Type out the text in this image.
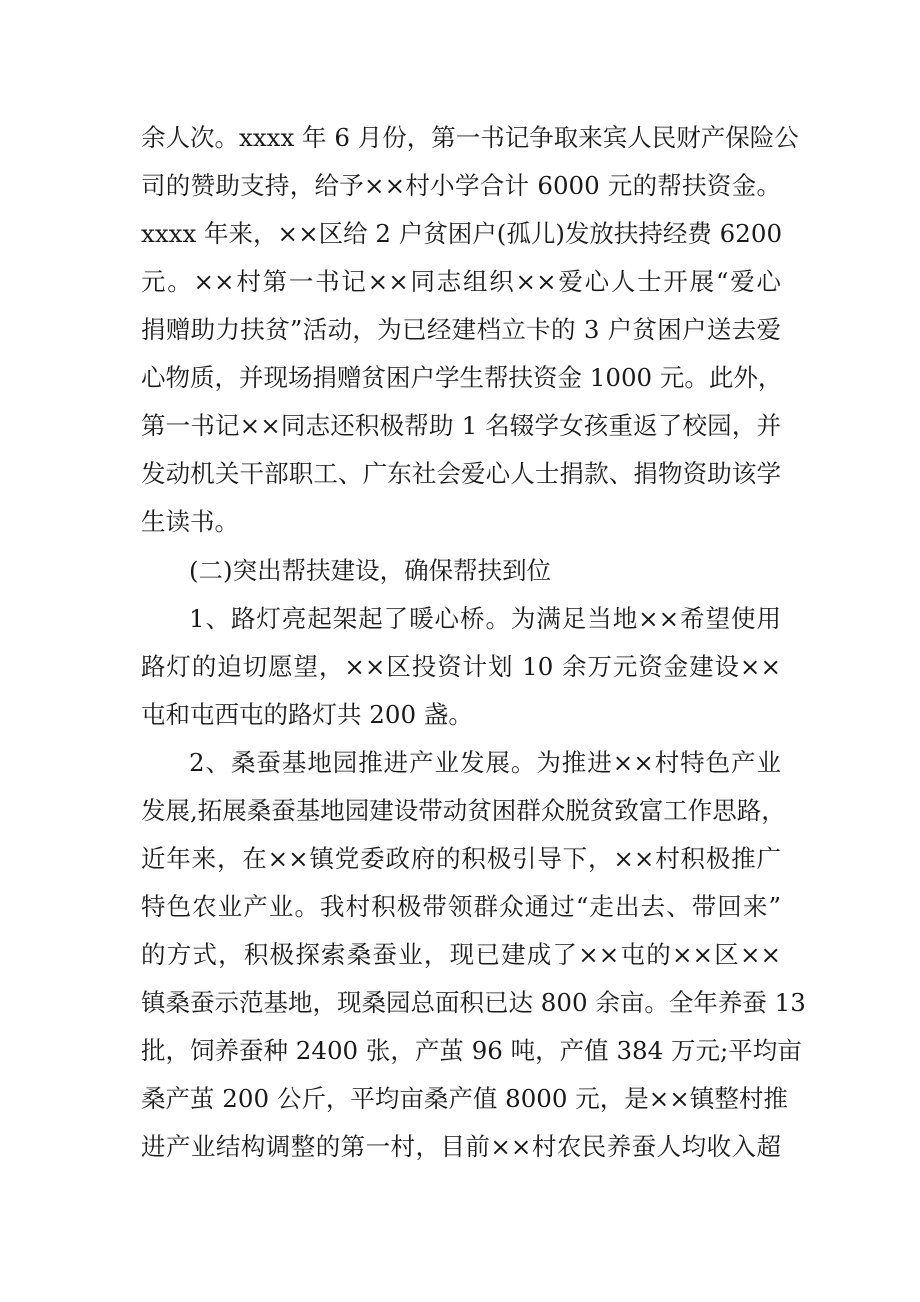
余人次。xxxx 年 6 月份，第一书记争取来宾人民财产保险公
司的赞助支持，给予××村小学合计 6000 元的帮扶资金。
xxxx 年来，××区给 2 户贫困户(孤儿)发放扶持经费 6200
元。××村第一书记××同志组织××爱心人士开展“爱心
捐赠助力扶贫”活动，为已经建档立卡的 3 户贫困户送去爱
心物质，并现场捐赠贫困户学生帮扶资金 1000 元。此外，
第一书记××同志还积极帮助 1 名辍学女孩重返了校园，并
发动机关干部职工、广东社会爱心人士捐款、捐物资助该学
生读书。
(二)突出帮扶建设，确保帮扶到位
1、路灯亮起架起了暖心桥。为满足当地××希望使用
路灯的迫切愿望，××区投资计划 10 余万元资金建设××
屯和屯西屯的路灯共 200 盏。
2、桑蚕基地园推进产业发展。为推进××村特色产业
发展,拓展桑蚕基地园建设带动贫困群众脱贫致富工作思路，
近年来，在××镇党委政府的积极引导下，××村积极推广
特色农业产业。我村积极带领群众通过“走出去、带回来”
的方式，积极探索桑蚕业，现已建成了××屯的××区××
镇桑蚕示范基地，现桑园总面积已达 800 余亩。全年养蚕 13
批，饲养蚕种 2400 张，产茧 96 吨，产值 384 万元;平均亩
桑产茧 200 公斤，平均亩桑产值 8000 元，是××镇整村推
进产业结构调整的第一村，目前××村农民养蚕人均收入超
